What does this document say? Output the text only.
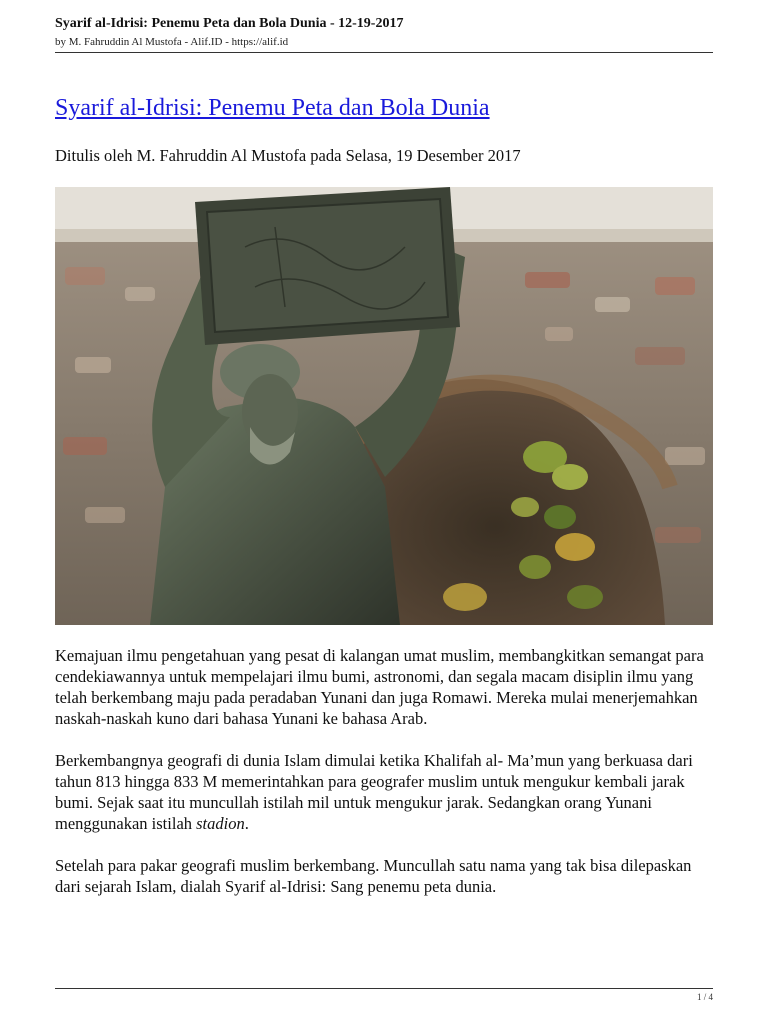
Syarif al-Idrisi: Penemu Peta dan Bola Dunia - 12-19-2017
by M. Fahruddin Al Mustofa - Alif.ID - https://alif.id
Syarif al-Idrisi: Penemu Peta dan Bola Dunia
Ditulis oleh M. Fahruddin Al Mustofa pada Selasa, 19 Desember 2017

Kemajuan ilmu pengetahuan yang pesat di kalangan umat muslim, membangkitkan semangat para cendekiawannya untuk mempelajari ilmu bumi, astronomi, dan segala macam disiplin ilmu yang telah berkembang maju pada peradaban Yunani dan juga Romawi. Mereka mulai menerjemahkan naskah-naskah kuno dari bahasa Yunani ke bahasa Arab.

Berkembangnya geografi di dunia Islam dimulai ketika Khalifah al- Ma’mun yang berkuasa dari tahun 813 hingga 833 M memerintahkan para geografer muslim untuk mengukur kembali jarak bumi. Sejak saat itu muncullah istilah mil untuk mengukur jarak. Sedangkan orang Yunani menggunakan istilah stadion.

Setelah para pakar geografi muslim berkembang. Muncullah satu nama yang tak bisa dilepaskan dari sejarah Islam, dialah Syarif al-Idrisi: Sang penemu peta dunia.

1 / 4
